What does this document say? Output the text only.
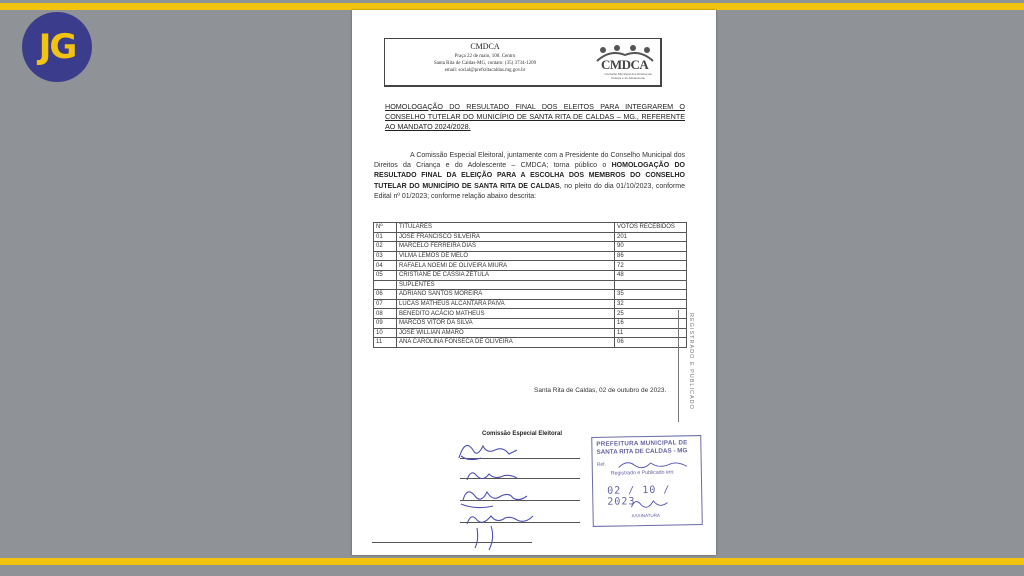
JG	CMDCA
Praça 22 de maio, 100. Centro
Santa Rita de Caldas-MG, contato: (35) 3734-1209
email: social@prefsritacaldas.mg.gov.br	CMDCA
Conselho Municipal dos Direitos da Criança e do Adolescente
HOMOLOGAÇÃO DO RESULTADO FINAL DOS ELEITOS PARA INTEGRAREM O CONSELHO TUTELAR DO MUNICÍPIO DE SANTA RITA DE CALDAS – MG., REFERENTE AO MANDATO 2024/2028.
A Comissão Especial Eleitoral, juntamente com a Presidente do Conselho Municipal dos Direitos da Criança e do Adolescente – CMDCA; torna público o HOMOLOGAÇÃO DO RESULTADO FINAL DA ELEIÇÃO PARA A ESCOLHA DOS MEMBROS DO CONSELHO TUTELAR DO MUNICÍPIO DE SANTA RITA DE CALDAS, no pleito do dia 01/10/2023, conforme Edital nº 01/2023; conforme relação abaixo descrita:
Nº	TITULARES	VOTOS RECEBIDOS
01	JOSÉ FRANCISCO SILVEIRA	201
02	MARCELO FERREIRA DIAS	90
03	VILMA LEMOS DE MELO	86
04	RAFAELA NOEMI DE OLIVEIRA MIURA	72
05	CRISTIANE DE CÁSSIA ZÉTULA	48
	SUPLENTES	
06	ADRIANO SANTOS MOREIRA	35
07	LUCAS MATHEUS ALCANTARA PAIVA	32
08	BENEDITO ACÁCIO MATHEUS	25
09	MARCOS VITOR DA SILVA	16
10	JOSÉ WILLIAN AMARO	11
11	ANA CAROLINA FONSECA DE OLIVEIRA	06
Santa Rita de Caldas, 02 de outubro de 2023.	REGISTRADO E PUBLICADO
Comissão Especial Eleitoral
PREFEITURA MUNICIPAL DE
SANTA RITA DE CALDAS - MG
Ref.
Registrado e Publicado em:
02 / 10 / 2023
ASSINATURA
